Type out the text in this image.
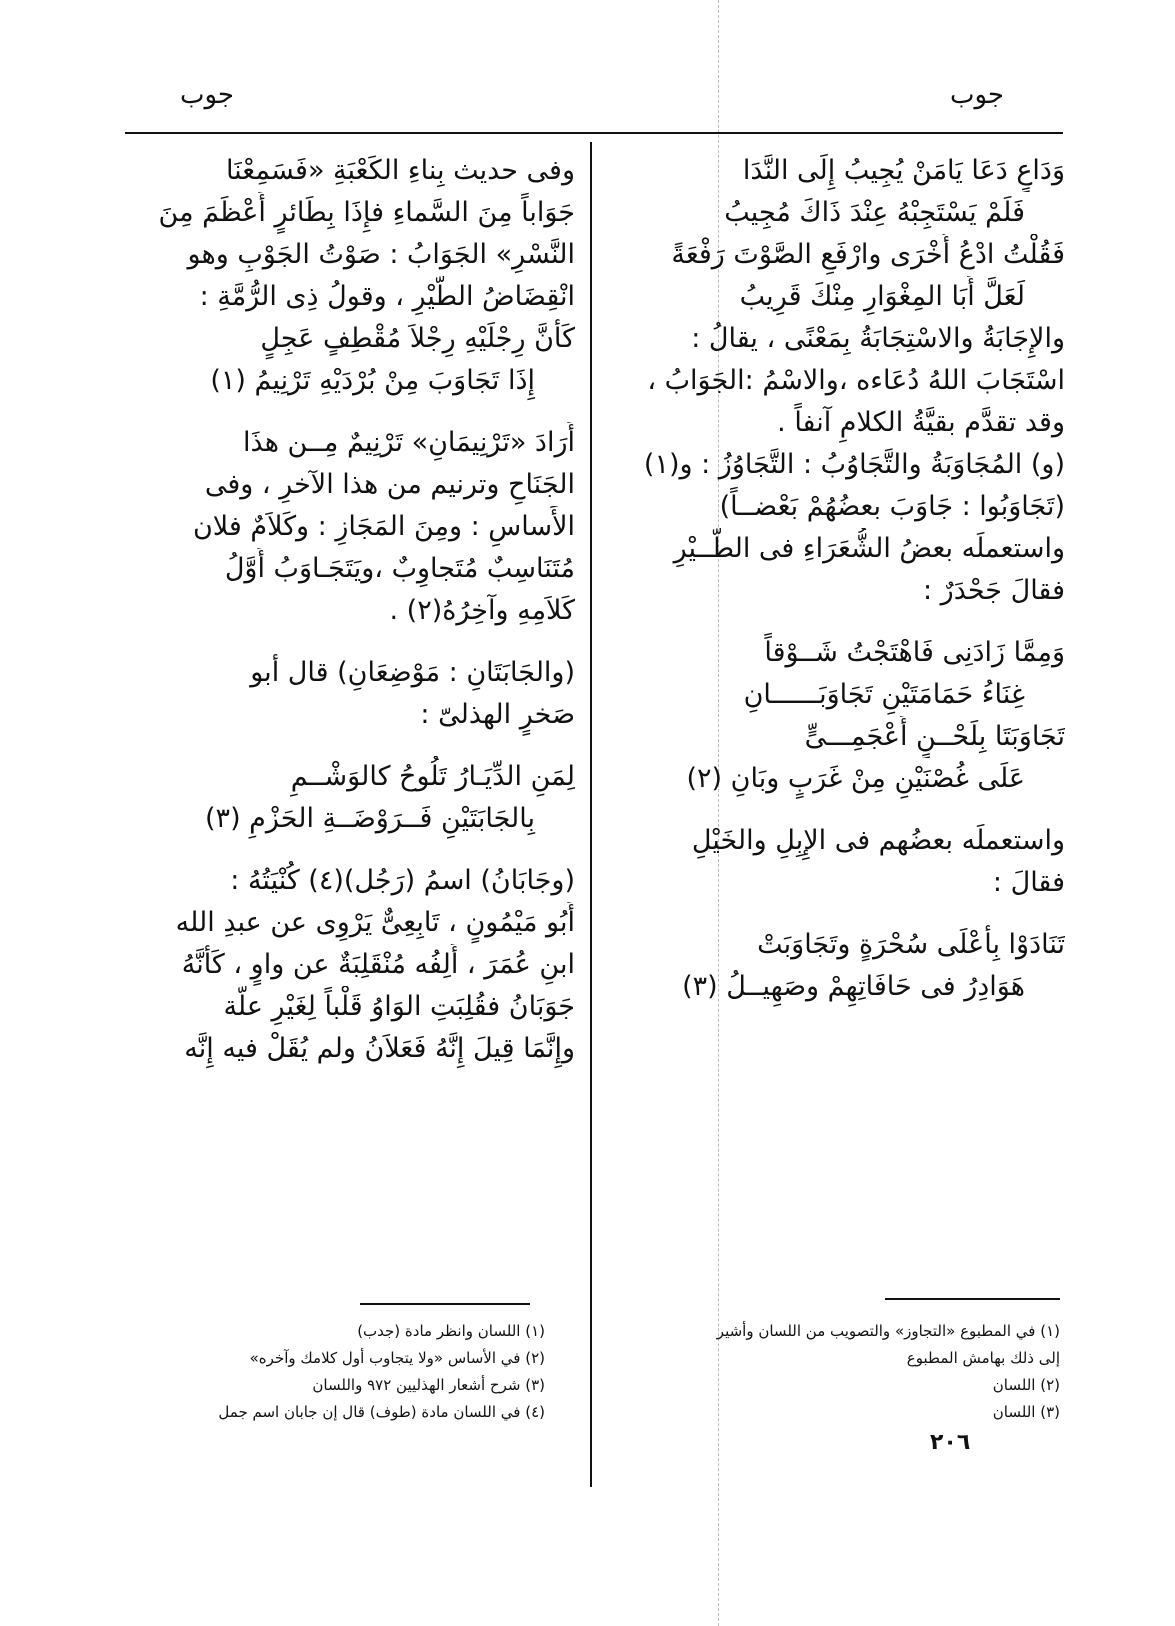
جوب
جوب
وَدَاعٍ دَعَا يَامَنْ يُجِيبُ إِلَى النَّدَا
فَلَمْ يَسْتَجِبْهُ عِنْدَ ذَاكَ مُجِيبُ
فَقُلْتُ ادْعُ أُخْرَى وارْفَعِ الصَّوْتَ رَفْعَةً
لَعَلَّ أَبَا المِغْوَارِ مِنْكَ قَرِيبُ
والإِجَابَةُ والاسْتِجَابَةُ بِمَعْنًى ، يقالُ :
اسْتَجَابَ اللهُ دُعَاءه ،والاسْمُ :الجَوَابُ ،
وقد تقدَّم بقيَّةُ الكلامِ آنفاً .
(و) المُجَاوَبَةُ والتَّجَاوُبُ : التَّجَاوُزُ : و(١)
(تَجَاوَبُوا : جَاوَبَ بعضُهُمْ بَعْضــاً)
واستعملَه بعضُ الشُّعَرَاءِ فى الطَّــيْرِ
فقالَ جَحْدَرٌ :
وَمِمَّا زَادَنِى فَاهْتَجْتُ شَــوْقاً
غِنَاءُ حَمَامَتَيْنِ تَجَاوَبَــــــانِ
تَجَاوَبَتَا بِلَحْــنٍ أَعْجَمِـــىٍّ
عَلَى غُصْنَيْنِ مِنْ غَرَبٍ وبَانِ (٢)
واستعملَه بعضُهم فى الإِبِلِ والخَيْلِ
فقالَ :
تَنَادَوْا بِأَعْلَى سُحْرَةٍ وتَجَاوَبَتْ
هَوَادِرُ فى حَافَاتِهِمْ وصَهِيــلُ (٣)
وفى حديث بِناءِ الكَعْبَةِ «فَسَمِعْنَا
جَوَاباً مِنَ السَّماءِ فإِذَا بِطَائرٍ أَعْظَمَ مِنَ
النَّسْرِ» الجَوَابُ : صَوْتُ الجَوْبِ وهو
انْقِضَاضُ الطَّيْرِ ، وقولُ ذِى الرُّمَّةِ :
كَأَنَّ رِجْلَيْهِ رِجْلاَ مُقْطِفٍ عَجِلٍ
إِذَا تَجَاوَبَ مِنْ بُرْدَيْهِ تَرْنِيمُ (١)
أَرَادَ «تَرْنِيمَانِ» تَرْنِيمٌ مِــن هذَا
الجَنَاحِ وترنيم من هذا الآخرِ ، وفى
الأَساسِ : ومِنَ المَجَازِ : وكَلاَمٌ فلان
مُتَنَاسِبٌ مُتَجاوِبٌ ،ويَتَجَـاوَبُ أَوَّلُ
كَلاَمِهِ وآخِرُهُ(٢) .
(والجَابَتَانِ : مَوْضِعَانِ) قال أبو
صَخرٍ الهذلىّ :
لِمَنِ الدِّيَـارُ تَلُوحُ كالوَشْــمِ
بِالجَابَتَيْنِ فَــرَوْضَــةِ الحَزْمِ (٣)
(وجَابَانُ) اسمُ (رَجُل)(٤) كُنْيَتُهُ :
أَبُو مَيْمُونٍ ، تَابِعِىٌّ يَرْوِى عن عبدِ الله
ابنِ عُمَرَ ، أَلِفُه مُنْقَلِبَةٌ عن واوٍ ، كَأَنَّهُ
جَوَبَانُ فقُلِبَتِ الوَاوُ قَلْباً لِغَيْرِ علَّة
وإِنَّمَا قِيلَ إِنَّهُ فَعَلاَنُ ولم يُقَلْ فيه إِنَّه
(١) في المطبوع «التجاوز» والتصويب من اللسان وأشير
إلى ذلك بهامش المطبوع
(٢) اللسان
(٣) اللسان
(١) اللسان وانظر مادة (جدب)
(٢) في الأساس «ولا يتجاوب أول كلامك وآخره»
(٣) شرح أشعار الهذليين ٩٧٢ واللسان
(٤) في اللسان مادة (طوف) قال إن جابان اسم جمل
٢٠٦
